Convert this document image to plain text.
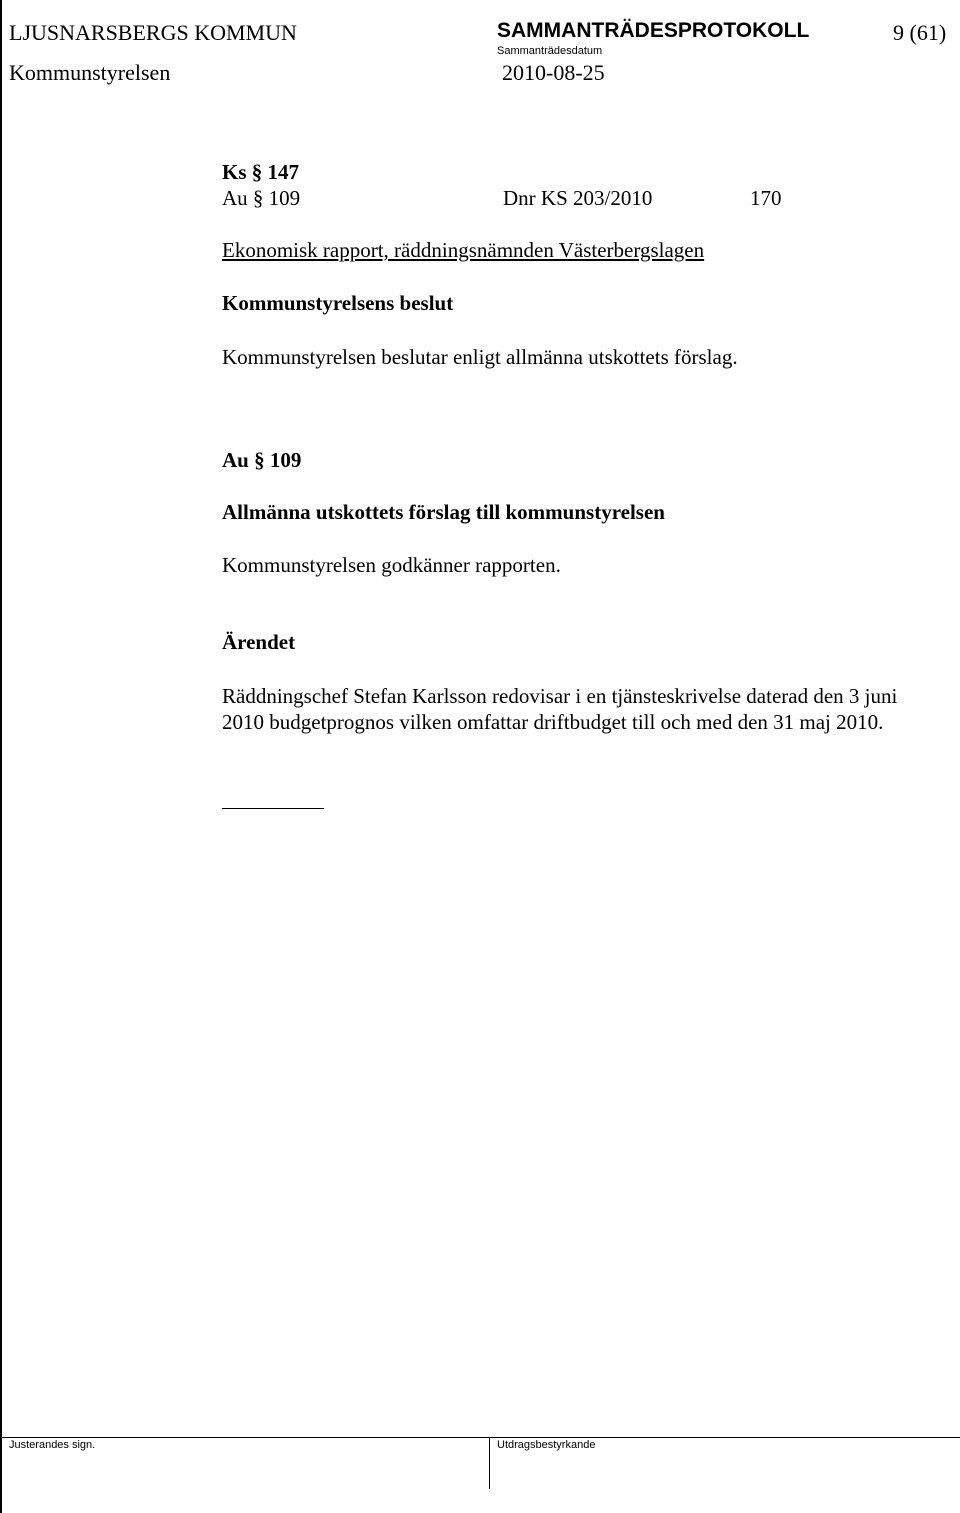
LJUSNARSBERGS KOMMUN	SAMMANTRÄDESPROTOKOLL	9 (61)
Sammanträdesdatum
Kommunstyrelsen	2010-08-25
Ks § 147
Au § 109	Dnr KS 203/2010	170
Ekonomisk rapport, räddningsnämnden Västerbergslagen
Kommunstyrelsens beslut
Kommunstyrelsen beslutar enligt allmänna utskottets förslag.
Au § 109
Allmänna utskottets förslag till kommunstyrelsen
Kommunstyrelsen godkänner rapporten.
Ärendet
Räddningschef Stefan Karlsson redovisar i en tjänsteskrivelse daterad den 3 juni 2010 budgetprognos vilken omfattar driftbudget till och med den 31 maj 2010.
Justerandes sign.	Utdragsbestyrkande
